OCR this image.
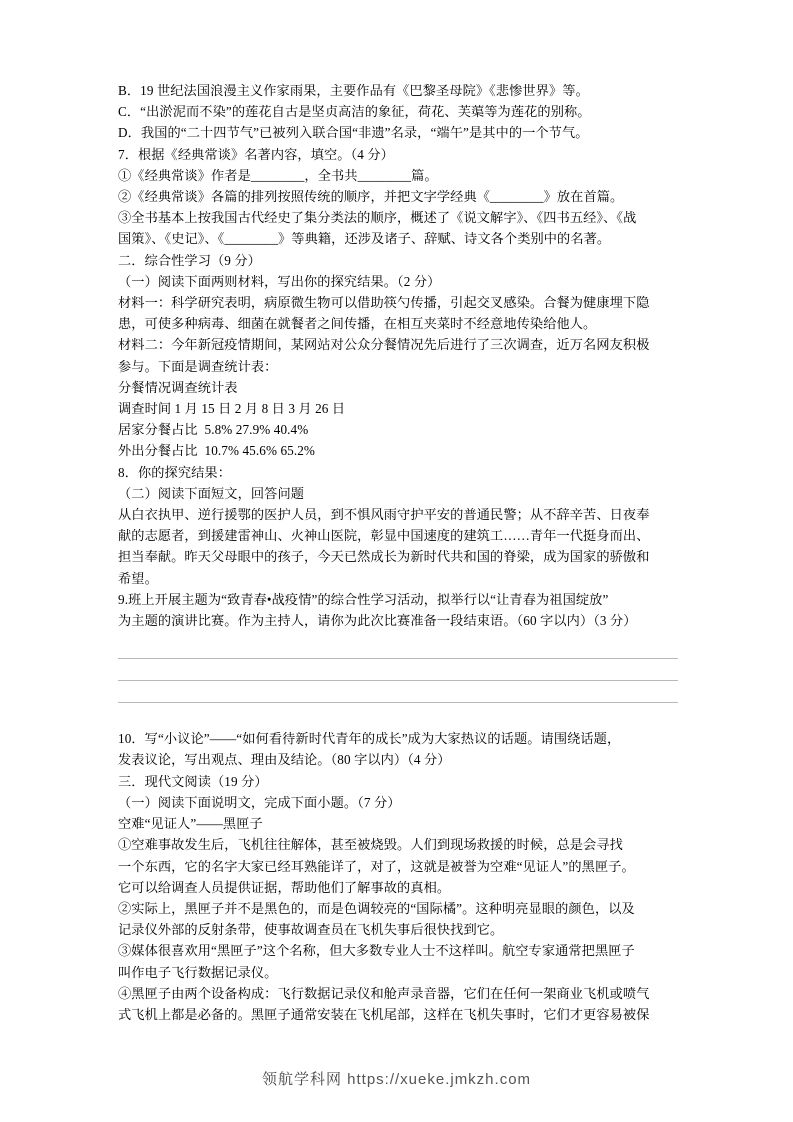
B．19 世纪法国浪漫主义作家雨果，主要作品有《巴黎圣母院》《悲惨世界》等。
C．“出淤泥而不染”的莲花自古是坚贞高洁的象征，荷花、芙蕖等为莲花的别称。
D．我国的“二十四节气”已被列入联合国“非遗”名录，“端午”是其中的一个节气。
7．根据《经典常谈》名著内容，填空。（4 分）
①《经典常谈》作者是________，全书共________篇。
②《经典常谈》各篇的排列按照传统的顺序，并把文字学经典《________》放在首篇。
③全书基本上按我国古代经史了集分类法的顺序，概述了《说文解字》、《四书五经》、《战
国策》、《史记》、《________》等典籍，还涉及诸子、辞赋、诗文各个类别中的名著。
二．综合性学习（9 分）
（一）阅读下面两则材料，写出你的探究结果。（2 分）
材料一：科学研究表明，病原微生物可以借助筷勺传播，引起交叉感染。合餐为健康埋下隐
患，可使多种病毒、细菌在就餐者之间传播，在相互夹菜时不经意地传染给他人。
材料二：今年新冠疫情期间，某网站对公众分餐情况先后进行了三次调查，近万名网友积极
参与。下面是调查统计表：
分餐情况调查统计表
调查时间 1 月 15 日 2 月 8 日 3 月 26 日
居家分餐占比  5.8% 27.9% 40.4%
外出分餐占比  10.7% 45.6% 65.2%
8．你的探究结果：
（二）阅读下面短文，回答问题
从白衣执甲、逆行援鄂的医护人员，到不惧风雨守护平安的普通民警；从不辞辛苦、日夜奉
献的志愿者，到援建雷神山、火神山医院，彰显中国速度的建筑工……青年一代挺身而出、
担当奉献。昨天父母眼中的孩子，今天已然成长为新时代共和国的脊梁，成为国家的骄傲和
希望。
9.班上开展主题为“致青春•战疫情”的综合性学习活动，拟举行以“让青春为祖国绽放”
为主题的演讲比赛。作为主持人，请你为此次比赛准备一段结束语。（60 字以内）（3 分）
10．写“小议论”——“如何看待新时代青年的成长”成为大家热议的话题。请围绕话题，
发表议论，写出观点、理由及结论。（80 字以内）（4 分）
三．现代文阅读（19 分）
（一）阅读下面说明文，完成下面小题。（7 分）
空难“见证人”——黑匣子
①空难事故发生后，飞机往往解体，甚至被烧毁。人们到现场救援的时候，总是会寻找
一个东西，它的名字大家已经耳熟能详了，对了，这就是被誉为空难“见证人”的黑匣子。
它可以给调查人员提供证据，帮助他们了解事故的真相。
②实际上，黑匣子并不是黑色的，而是色调较亮的“国际橘”。这种明亮显眼的颜色，以及
记录仪外部的反射条带，使事故调查员在飞机失事后很快找到它。
③媒体很喜欢用“黑匣子”这个名称，但大多数专业人士不这样叫。航空专家通常把黑匣子
叫作电子飞行数据记录仪。
④黑匣子由两个设备构成：飞行数据记录仪和舱声录音器，它们在任何一架商业飞机或喷气
式飞机上都是必备的。黑匣子通常安装在飞机尾部，这样在飞机失事时，它们才更容易被保
领航学科网 https://xueke.jmkzh.com
